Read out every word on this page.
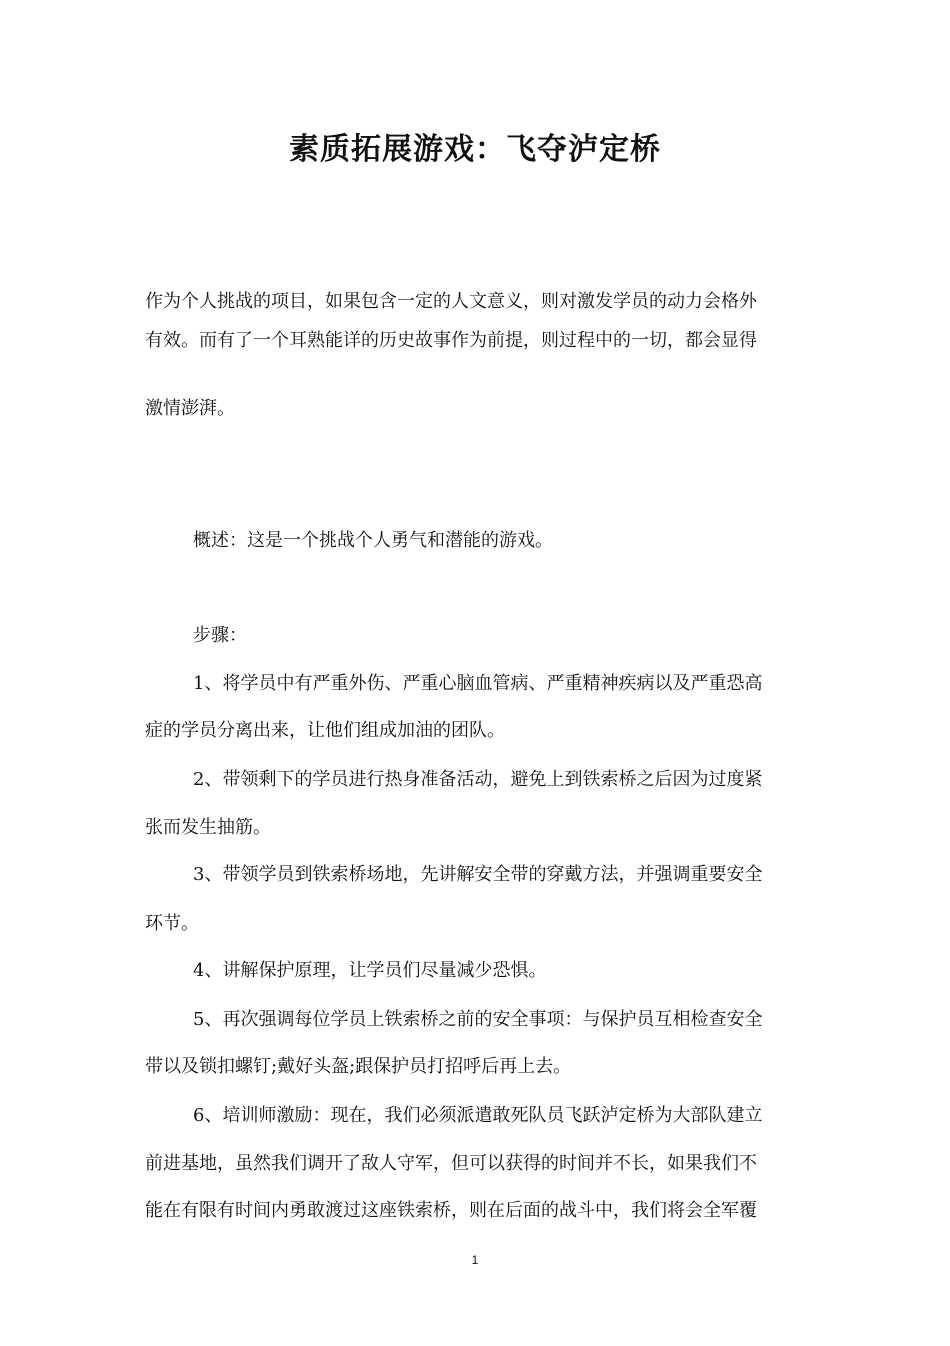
素质拓展游戏：飞夺泸定桥
作为个人挑战的项目，如果包含一定的人文意义，则对激发学员的动力会格外
有效。而有了一个耳熟能详的历史故事作为前提，则过程中的一切，都会显得
激情澎湃。
概述：这是一个挑战个人勇气和潜能的游戏。
步骤：
1、将学员中有严重外伤、严重心脑血管病、严重精神疾病以及严重恐高
症的学员分离出来，让他们组成加油的团队。
2、带领剩下的学员进行热身准备活动，避免上到铁索桥之后因为过度紧
张而发生抽筋。
3、带领学员到铁索桥场地，先讲解安全带的穿戴方法，并强调重要安全
环节。
4、讲解保护原理，让学员们尽量减少恐惧。
5、再次强调每位学员上铁索桥之前的安全事项：与保护员互相检查安全
带以及锁扣螺钉;戴好头盔;跟保护员打招呼后再上去。
6、培训师激励：现在，我们必须派遣敢死队员飞跃泸定桥为大部队建立
前进基地，虽然我们调开了敌人守军，但可以获得的时间并不长，如果我们不
能在有限有时间内勇敢渡过这座铁索桥，则在后面的战斗中，我们将会全军覆
1
